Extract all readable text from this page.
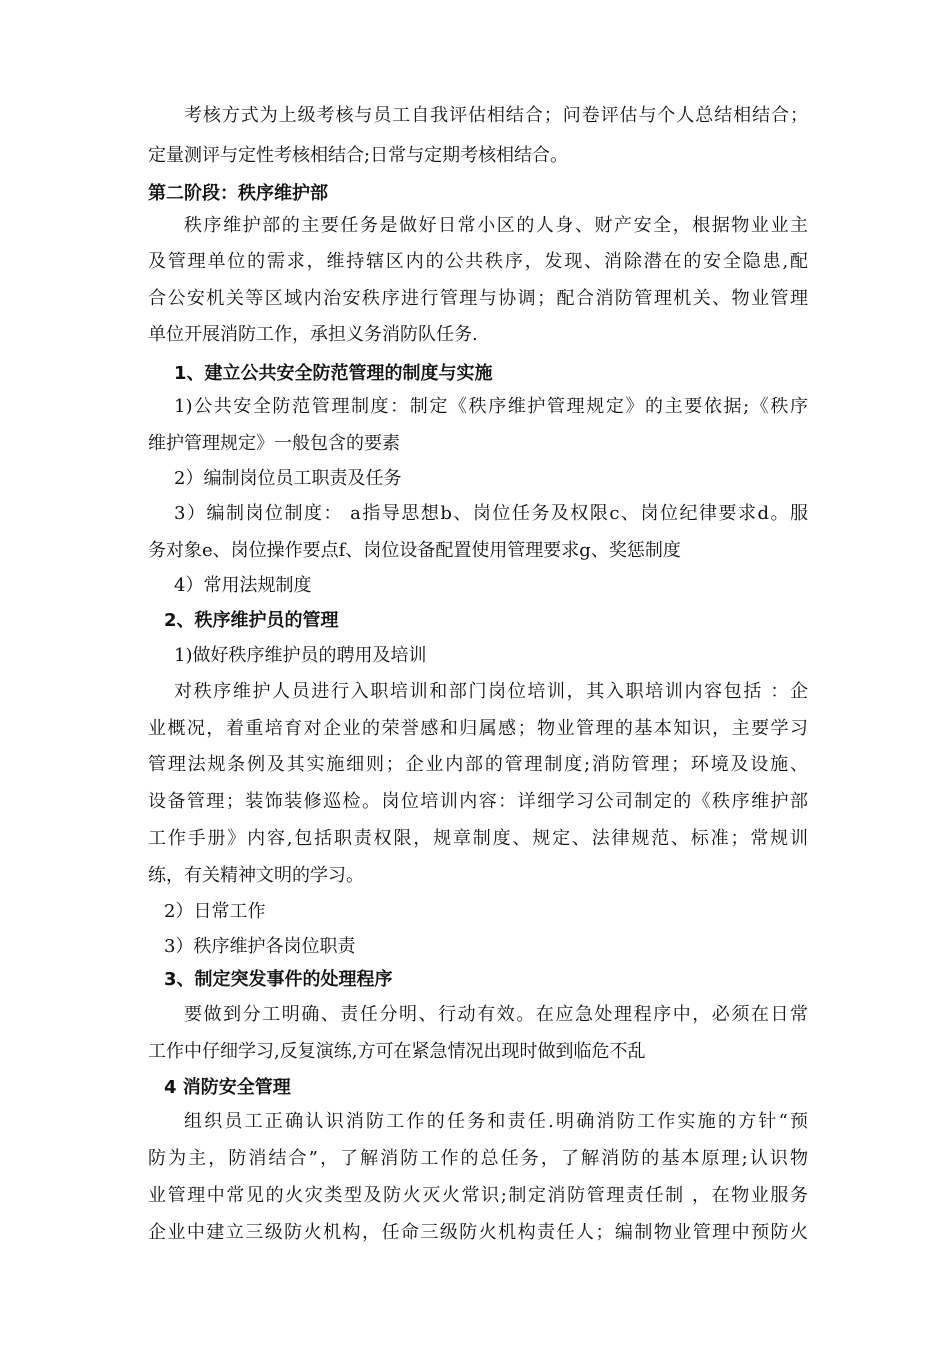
考核方式为上级考核与员工自我评估相结合；问卷评估与个人总结相结合；
定量测评与定性考核相结合;日常与定期考核相结合。
第二阶段：秩序维护部
秩序维护部的主要任务是做好日常小区的人身、财产安全，根据物业业主
及管理单位的需求，维持辖区内的公共秩序，发现、消除潜在的安全隐患,配
合公安机关等区域内治安秩序进行管理与协调；配合消防管理机关、物业管理
单位开展消防工作，承担义务消防队任务.
1、建立公共安全防范管理的制度与实施
1)公共安全防范管理制度：制定《秩序维护管理规定》的主要依据;《秩序
维护管理规定》一般包含的要素
2）编制岗位员工职责及任务
3）编制岗位制度： a指导思想b、岗位任务及权限c、岗位纪律要求d。服
务对象e、岗位操作要点f、岗位设备配置使用管理要求g、奖惩制度
4）常用法规制度
2、秩序维护员的管理
1)做好秩序维护员的聘用及培训
对秩序维护人员进行入职培训和部门岗位培训，其入职培训内容包括 ：企
业概况，着重培育对企业的荣誉感和归属感；物业管理的基本知识，主要学习
管理法规条例及其实施细则；企业内部的管理制度;消防管理；环境及设施、
设备管理；装饰装修巡检。岗位培训内容：详细学习公司制定的《秩序维护部
工作手册》内容,包括职责权限，规章制度、规定、法律规范、标准；常规训
练，有关精神文明的学习。
2）日常工作
3）秩序维护各岗位职责
3、制定突发事件的处理程序
要做到分工明确、责任分明、行动有效。在应急处理程序中，必须在日常
工作中仔细学习,反复演练,方可在紧急情况出现时做到临危不乱
4 消防安全管理
组织员工正确认识消防工作的任务和责任.明确消防工作实施的方针“预
防为主，防消结合”，了解消防工作的总任务，了解消防的基本原理;认识物
业管理中常见的火灾类型及防火灭火常识;制定消防管理责任制 ，在物业服务
企业中建立三级防火机构，任命三级防火机构责任人；编制物业管理中预防火
